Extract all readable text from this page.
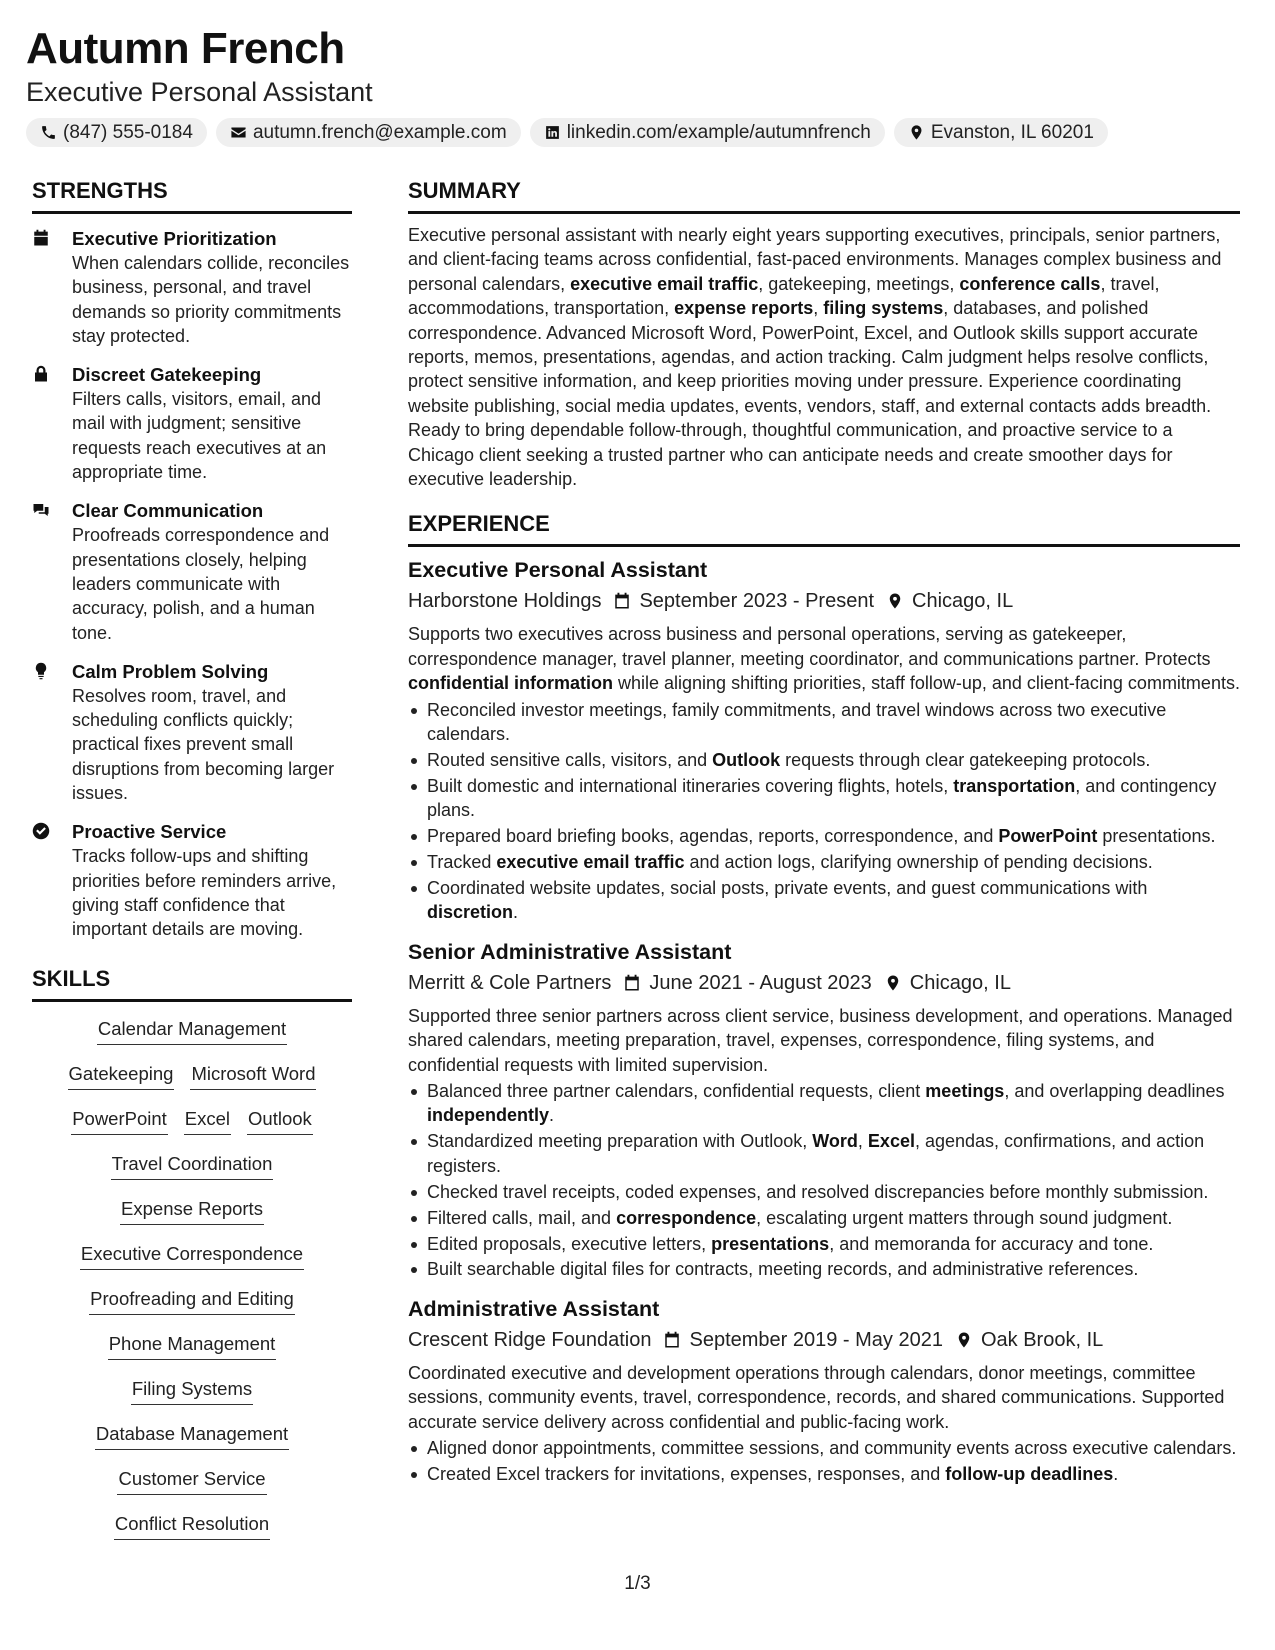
Autumn French
Executive Personal Assistant
(847) 555-0184	autumn.french@example.com	linkedin.com/example/autumnfrench	Evanston, IL 60201
STRENGTHS
Executive Prioritization
When calendars collide, reconciles business, personal, and travel demands so priority commitments stay protected.
Discreet Gatekeeping
Filters calls, visitors, email, and mail with judgment; sensitive requests reach executives at an appropriate time.
Clear Communication
Proofreads correspondence and presentations closely, helping leaders communicate with accuracy, polish, and a human tone.
Calm Problem Solving
Resolves room, travel, and scheduling conflicts quickly; practical fixes prevent small disruptions from becoming larger issues.
Proactive Service
Tracks follow-ups and shifting priorities before reminders arrive, giving staff confidence that important details are moving.
SKILLS
Calendar Management
Gatekeeping Microsoft Word
PowerPoint Excel Outlook
Travel Coordination
Expense Reports
Executive Correspondence
Proofreading and Editing
Phone Management
Filing Systems
Database Management
Customer Service
Conflict Resolution
SUMMARY

Executive personal assistant with nearly eight years supporting executives, principals, senior partners, and client-facing teams across confidential, fast-paced environments. Manages complex business and personal calendars, executive email traffic, gatekeeping, meetings, conference calls, travel, accommodations, transportation, expense reports, filing systems, databases, and polished correspondence. Advanced Microsoft Word, PowerPoint, Excel, and Outlook skills support accurate reports, memos, presentations, agendas, and action tracking. Calm judgment helps resolve conflicts, protect sensitive information, and keep priorities moving under pressure. Experience coordinating website publishing, social media updates, events, vendors, staff, and external contacts adds breadth. Ready to bring dependable follow-through, thoughtful communication, and proactive service to a Chicago client seeking a trusted partner who can anticipate needs and create smoother days for executive leadership.

EXPERIENCE
Executive Personal Assistant
Harborstone Holdings September 2023 - Present Chicago, IL

Supports two executives across business and personal operations, serving as gatekeeper, correspondence manager, travel planner, meeting coordinator, and communications partner. Protects confidential information while aligning shifting priorities, staff follow-up, and client-facing commitments.

Reconciled investor meetings, family commitments, and travel windows across two executive calendars.
Routed sensitive calls, visitors, and Outlook requests through clear gatekeeping protocols.
Built domestic and international itineraries covering flights, hotels, transportation, and contingency plans.
Prepared board briefing books, agendas, reports, correspondence, and PowerPoint presentations.
Tracked executive email traffic and action logs, clarifying ownership of pending decisions.
Coordinated website updates, social posts, private events, and guest communications with discretion.
Senior Administrative Assistant
Merritt & Cole Partners June 2021 - August 2023 Chicago, IL

Supported three senior partners across client service, business development, and operations. Managed shared calendars, meeting preparation, travel, expenses, correspondence, filing systems, and confidential requests with limited supervision.

Balanced three partner calendars, confidential requests, client meetings, and overlapping deadlines independently.
Standardized meeting preparation with Outlook, Word, Excel, agendas, confirmations, and action registers.
Checked travel receipts, coded expenses, and resolved discrepancies before monthly submission.
Filtered calls, mail, and correspondence, escalating urgent matters through sound judgment.
Edited proposals, executive letters, presentations, and memoranda for accuracy and tone.
Built searchable digital files for contracts, meeting records, and administrative references.
Administrative Assistant
Crescent Ridge Foundation September 2019 - May 2021 Oak Brook, IL

Coordinated executive and development operations through calendars, donor meetings, committee sessions, community events, travel, correspondence, records, and shared communications. Supported accurate service delivery across confidential and public-facing work.

Aligned donor appointments, committee sessions, and community events across executive calendars.
Created Excel trackers for invitations, expenses, responses, and follow-up deadlines.
1/3
